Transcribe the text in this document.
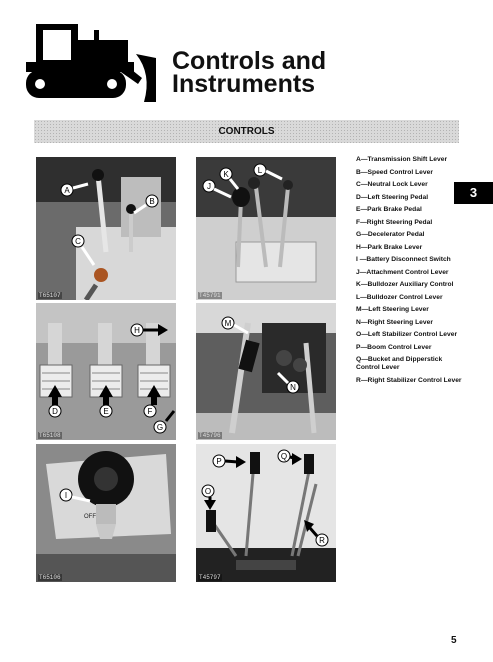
Controls and
Instruments
CONTROLS
3
A
B
C
T65107
K	L
J
T45791
D	E	F
G
H
T65108
M
N
T45796
OFF
I
T65106
P
Q
O
R
T45797
A—Transmission Shift Lever
B—Speed Control Lever
C—Neutral Lock Lever
D—Left Steering Pedal
E—Park Brake Pedal
F—Right Steering Pedal
G—Decelerator Pedal
H—Park Brake Lever
I —Battery Disconnect Switch
J—Attachment Control Lever
K—Bulldozer Auxiliary Control
L—Bulldozer Control Lever
M—Left Steering Lever
N—Right Steering Lever
O—Left Stabilizer Control Lever
P—Boom Control Lever
Q—Bucket and Dipperstick Control Lever
R—Right Stabilizer Control Lever
5
